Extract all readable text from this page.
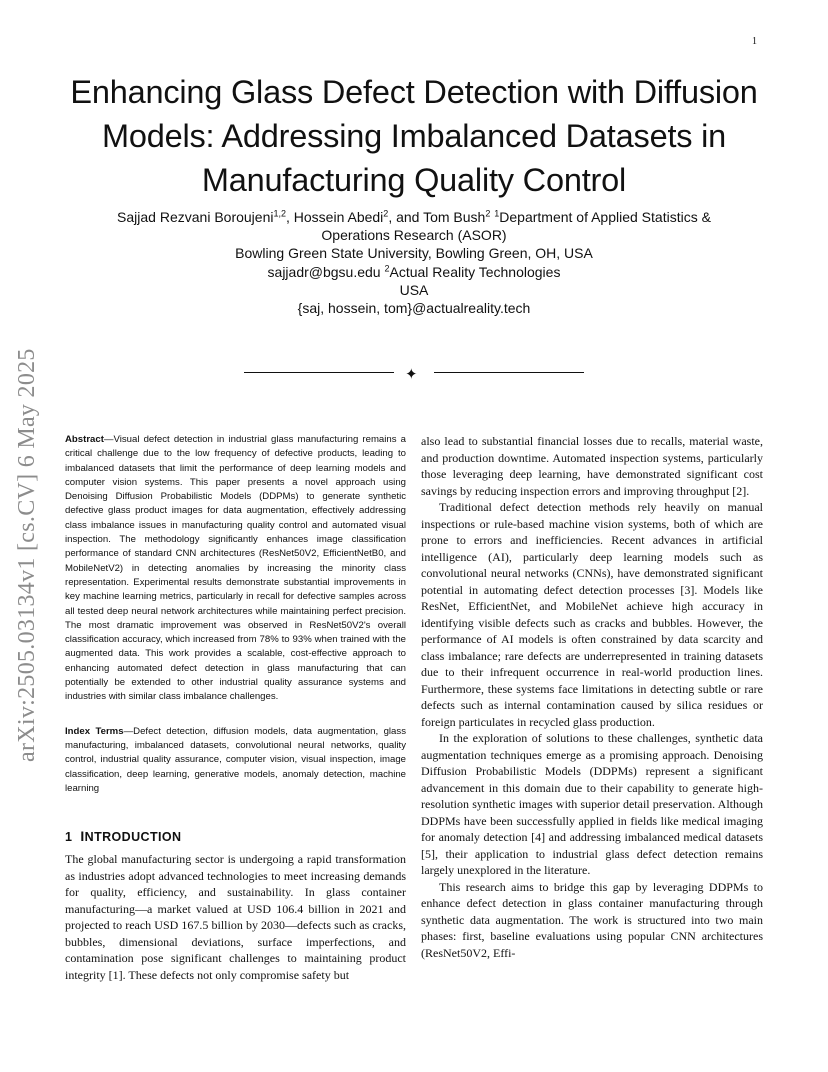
1
arXiv:2505.03134v1 [cs.CV] 6 May 2025
Enhancing Glass Defect Detection with Diffusion Models: Addressing Imbalanced Datasets in Manufacturing Quality Control
Sajjad Rezvani Boroujeni$^{1,2}$, Hossein Abedi$^2$, and Tom Bush$^2$ $^1$Department of Applied Statistics &
Operations Research (ASOR)
Bowling Green State University, Bowling Green, OH, USA
sajjadr@bgsu.edu $^2$Actual Reality Technologies
USA
{saj, hossein, tom}@actualreality.tech
✦

Abstract—Visual defect detection in industrial glass manufacturing remains a critical challenge due to the low frequency of defective products, leading to imbalanced datasets that limit the performance of deep learning models and computer vision systems. This paper presents a novel approach using Denoising Diffusion Probabilistic Models (DDPMs) to generate synthetic defective glass product images for data augmentation, effectively addressing class imbalance issues in manufacturing quality control and automated visual inspection. The methodology significantly enhances image classification performance of standard CNN architectures (ResNet50V2, EfficientNetB0, and MobileNetV2) in detecting anomalies by increasing the minority class representation. Experimental results demonstrate substantial improvements in key machine learning metrics, particularly in recall for defective samples across all tested deep neural network architectures while maintaining perfect precision. The most dramatic improvement was observed in ResNet50V2's overall classification accuracy, which increased from 78% to 93% when trained with the augmented data. This work provides a scalable, cost-effective approach to enhancing automated defect detection in glass manufacturing that can potentially be extended to other industrial quality assurance systems and industries with similar class imbalance challenges.

Index Terms—Defect detection, diffusion models, data augmentation, glass manufacturing, imbalanced datasets, convolutional neural networks, quality control, industrial quality assurance, computer vision, visual inspection, image classification, deep learning, generative models, anomaly detection, machine learning

1 INTRODUCTION

The global manufacturing sector is undergoing a rapid transformation as industries adopt advanced technologies to meet increasing demands for quality, efficiency, and sustainability. In glass container manufacturing—a market valued at USD 106.4 billion in 2021 and projected to reach USD 167.5 billion by 2030—defects such as cracks, bubbles, dimensional deviations, surface imperfections, and contamination pose significant challenges to maintaining product integrity [1]. These defects not only compromise safety but

also lead to substantial financial losses due to recalls, material waste, and production downtime. Automated inspection systems, particularly those leveraging deep learning, have demonstrated significant cost savings by reducing inspection errors and improving throughput [2].

Traditional defect detection methods rely heavily on manual inspections or rule-based machine vision systems, both of which are prone to errors and inefficiencies. Recent advances in artificial intelligence (AI), particularly deep learning models such as convolutional neural networks (CNNs), have demonstrated significant potential in automating defect detection processes [3]. Models like ResNet, EfficientNet, and MobileNet achieve high accuracy in identifying visible defects such as cracks and bubbles. However, the performance of AI models is often constrained by data scarcity and class imbalance; rare defects are underrepresented in training datasets due to their infrequent occurrence in real-world production lines. Furthermore, these systems face limitations in detecting subtle or rare defects such as internal contamination caused by silica residues or foreign particulates in recycled glass production.

In the exploration of solutions to these challenges, synthetic data augmentation techniques emerge as a promising approach. Denoising Diffusion Probabilistic Models (DDPMs) represent a significant advancement in this domain due to their capability to generate high-resolution synthetic images with superior detail preservation. Although DDPMs have been successfully applied in fields like medical imaging for anomaly detection [4] and addressing imbalanced medical datasets [5], their application to industrial glass defect detection remains largely unexplored in the literature.

This research aims to bridge this gap by leveraging DDPMs to enhance defect detection in glass container manufacturing through synthetic data augmentation. The work is structured into two main phases: first, baseline evaluations using popular CNN architectures (ResNet50V2, Effi-
